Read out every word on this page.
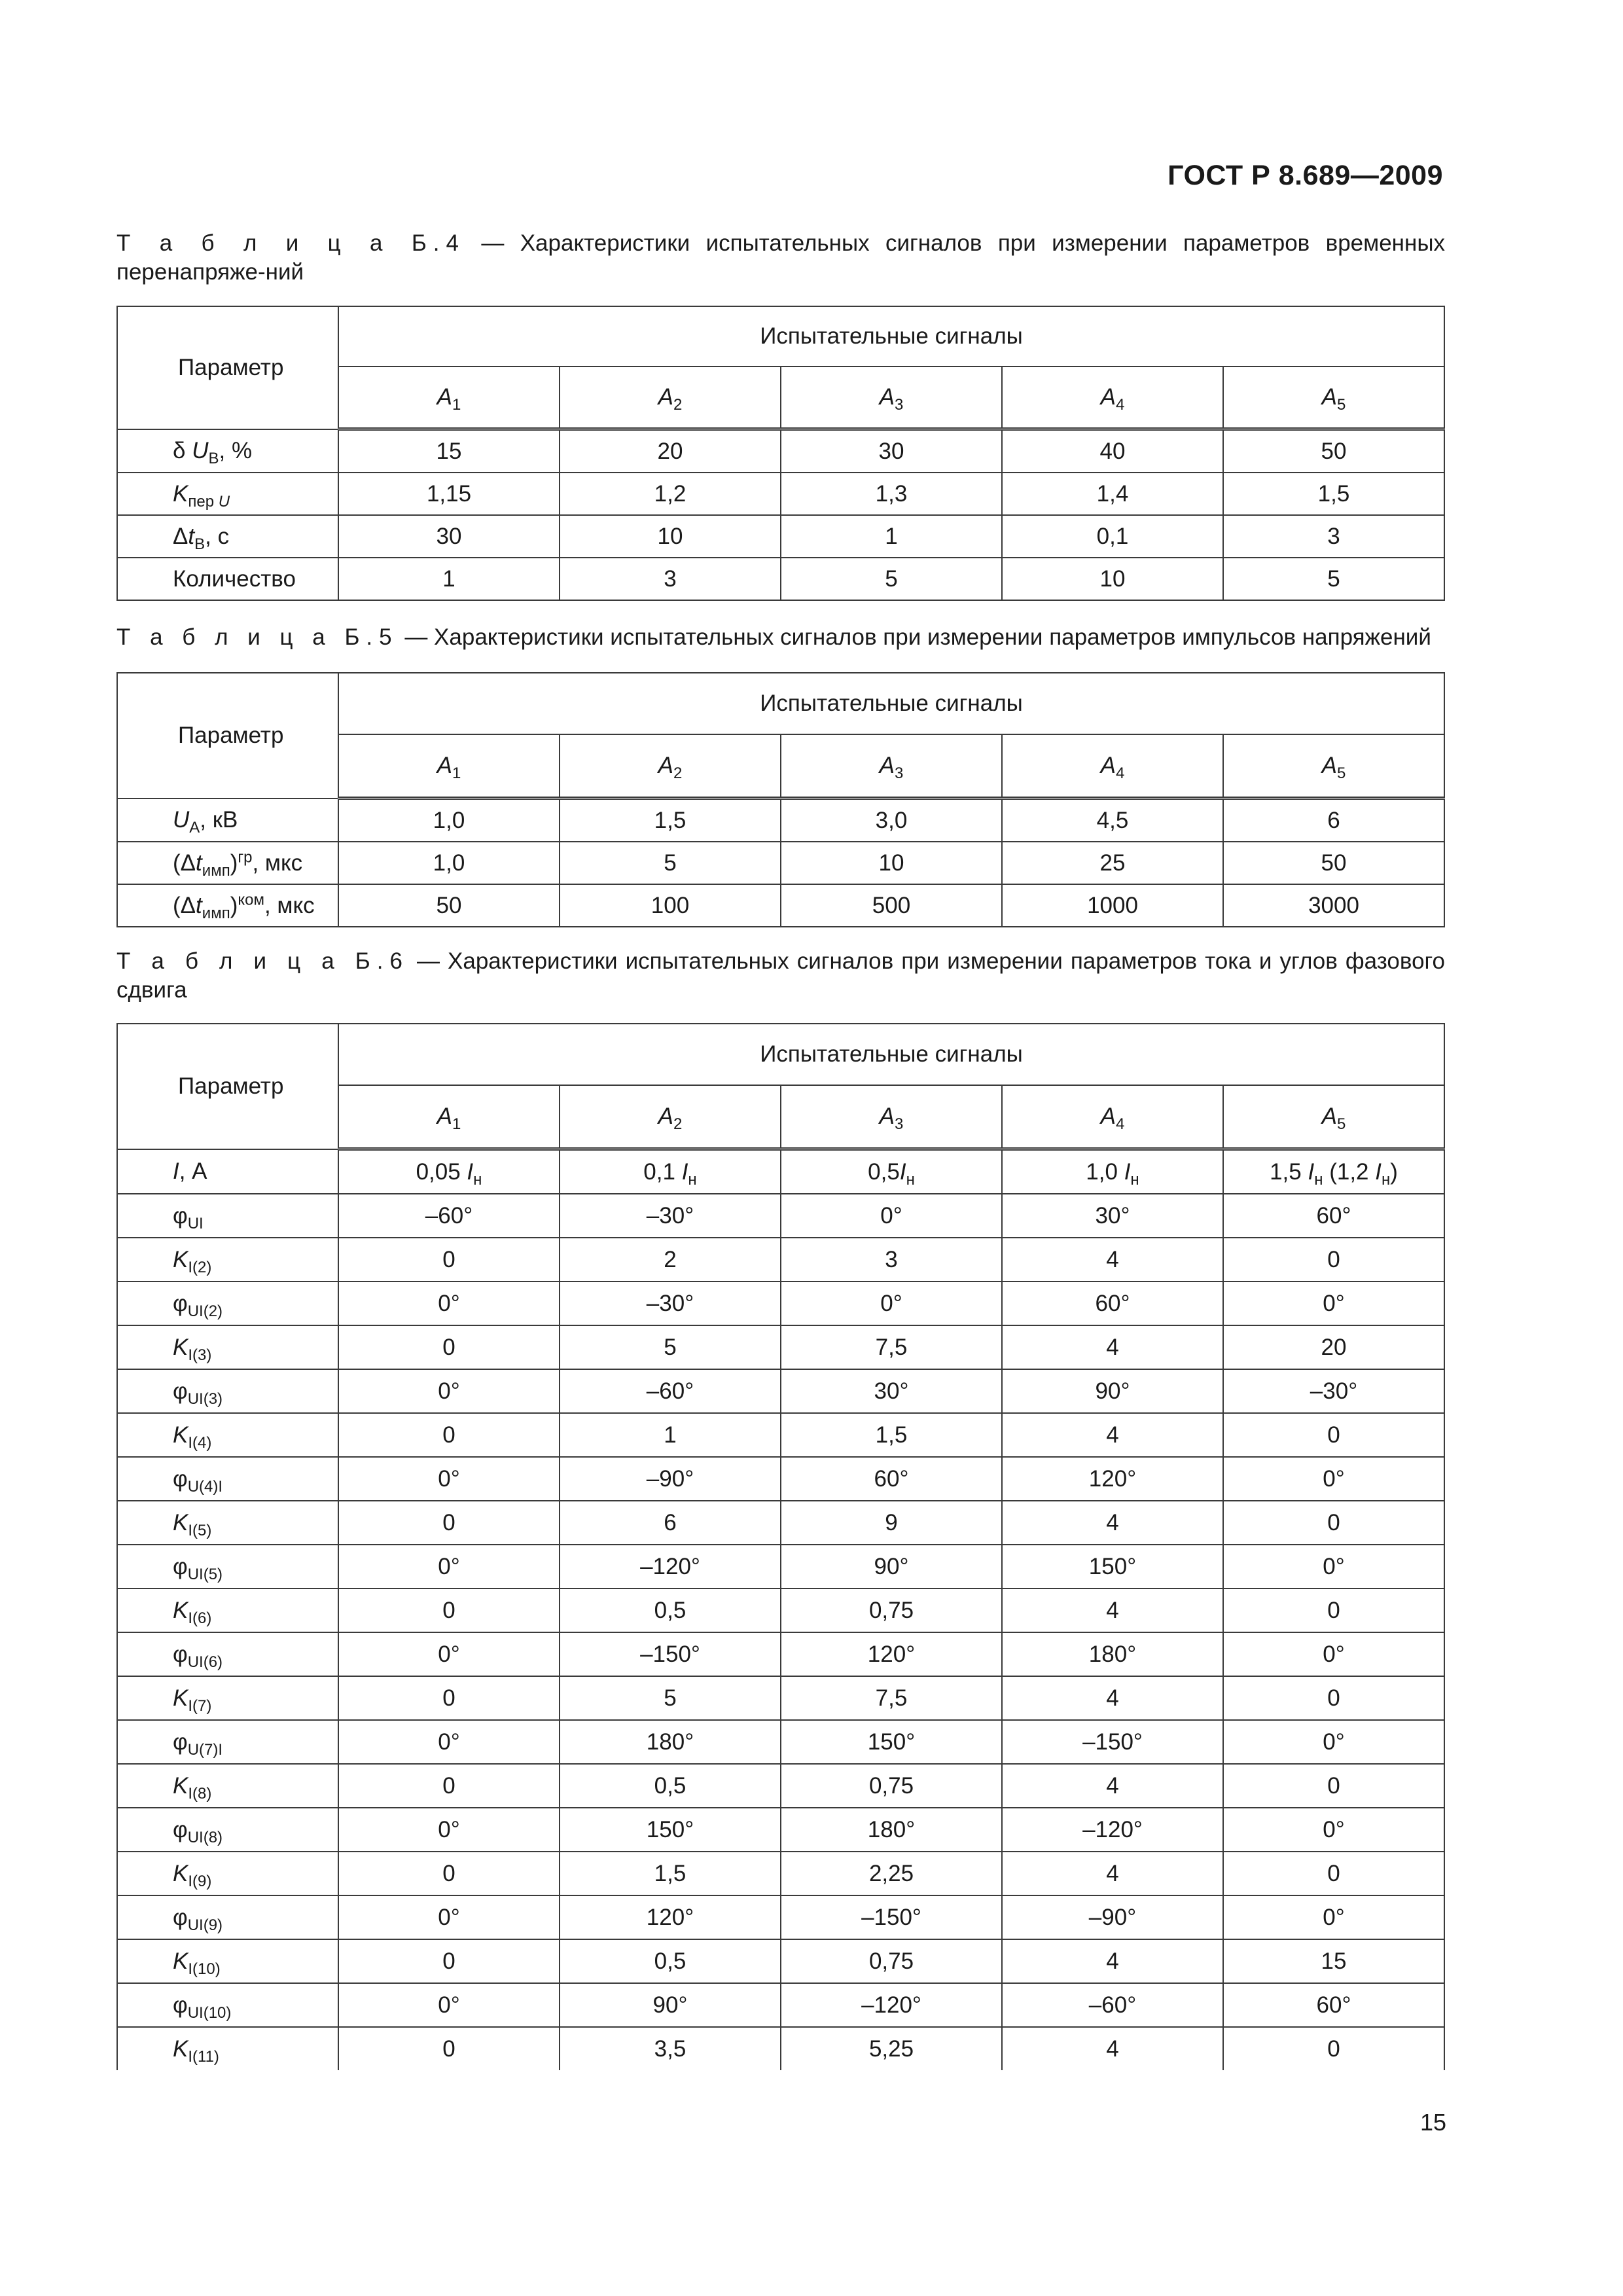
ГОСТ Р 8.689—2009
Т а б л и ц а Б.4 — Характеристики испытательных сигналов при измерении параметров временных перенапряже-ний
Параметр	Испытательные сигналы				
	$A_1$	$A_2$	$A_3$	$A_4$	$A_5$
δ $U_В$, %	15	20	30	40	50
$K_{пер}$ $_U$	1,15	1,2	1,3	1,4	1,5
$\Delta t_В$, с	30	10	1	0,1	3
Количество	1	3	5	10	5
Т а б л и ц а Б.5 — Характеристики испытательных сигналов при измерении параметров импульсов напряжений
Параметр	Испытательные сигналы				
	$A_1$	$A_2$	$A_3$	$A_4$	$A_5$
$U_А$, кВ	1,0	1,5	3,0	4,5	6
$(\Delta t_{имп})^{гр}$, мкс	1,0	5	10	25	50
$(\Delta t_{имп})^{ком}$, мкс	50	100	500	1000	3000
Т а б л и ц а Б.6 — Характеристики испытательных сигналов при измерении параметров тока и углов фазового сдвига
Параметр	Испытательные сигналы				
	$A_1$	$A_2$	$A_3$	$A_4$	$A_5$
I, А	0,05 $I_н$	0,1 $I_н$	$0,5I_н$	1,0 $I_н$	1,5 $I_н$ (1,2 $I_н$)
$\varphi_{UI}$	–60°	–30°	0°	30°	60°
$K_{I(2)}$	0	2	3	4	0
$\varphi_{UI(2)}$	0°	–30°	0°	60°	0°
$K_{I(3)}$	0	5	7,5	4	20
$\varphi_{UI(3)}$	0°	–60°	30°	90°	–30°
$K_{I(4)}$	0	1	1,5	4	0
$\varphi_{U(4)I}$	0°	–90°	60°	120°	0°
$K_{I(5)}$	0	6	9	4	0
$\varphi_{UI(5)}$	0°	–120°	90°	150°	0°
$K_{I(6)}$	0	0,5	0,75	4	0
$\varphi_{UI(6)}$	0°	–150°	120°	180°	0°
$K_{I(7)}$	0	5	7,5	4	0
$\varphi_{U(7)I}$	0°	180°	150°	–150°	0°
$K_{I(8)}$	0	0,5	0,75	4	0
$\varphi_{UI(8)}$	0°	150°	180°	–120°	0°
$K_{I(9)}$	0	1,5	2,25	4	0
$\varphi_{UI(9)}$	0°	120°	–150°	–90°	0°
$K_{I(10)}$	0	0,5	0,75	4	15
$\varphi_{UI(10)}$	0°	90°	–120°	–60°	60°
$K_{I(11)}$	0	3,5	5,25	4	0
15
